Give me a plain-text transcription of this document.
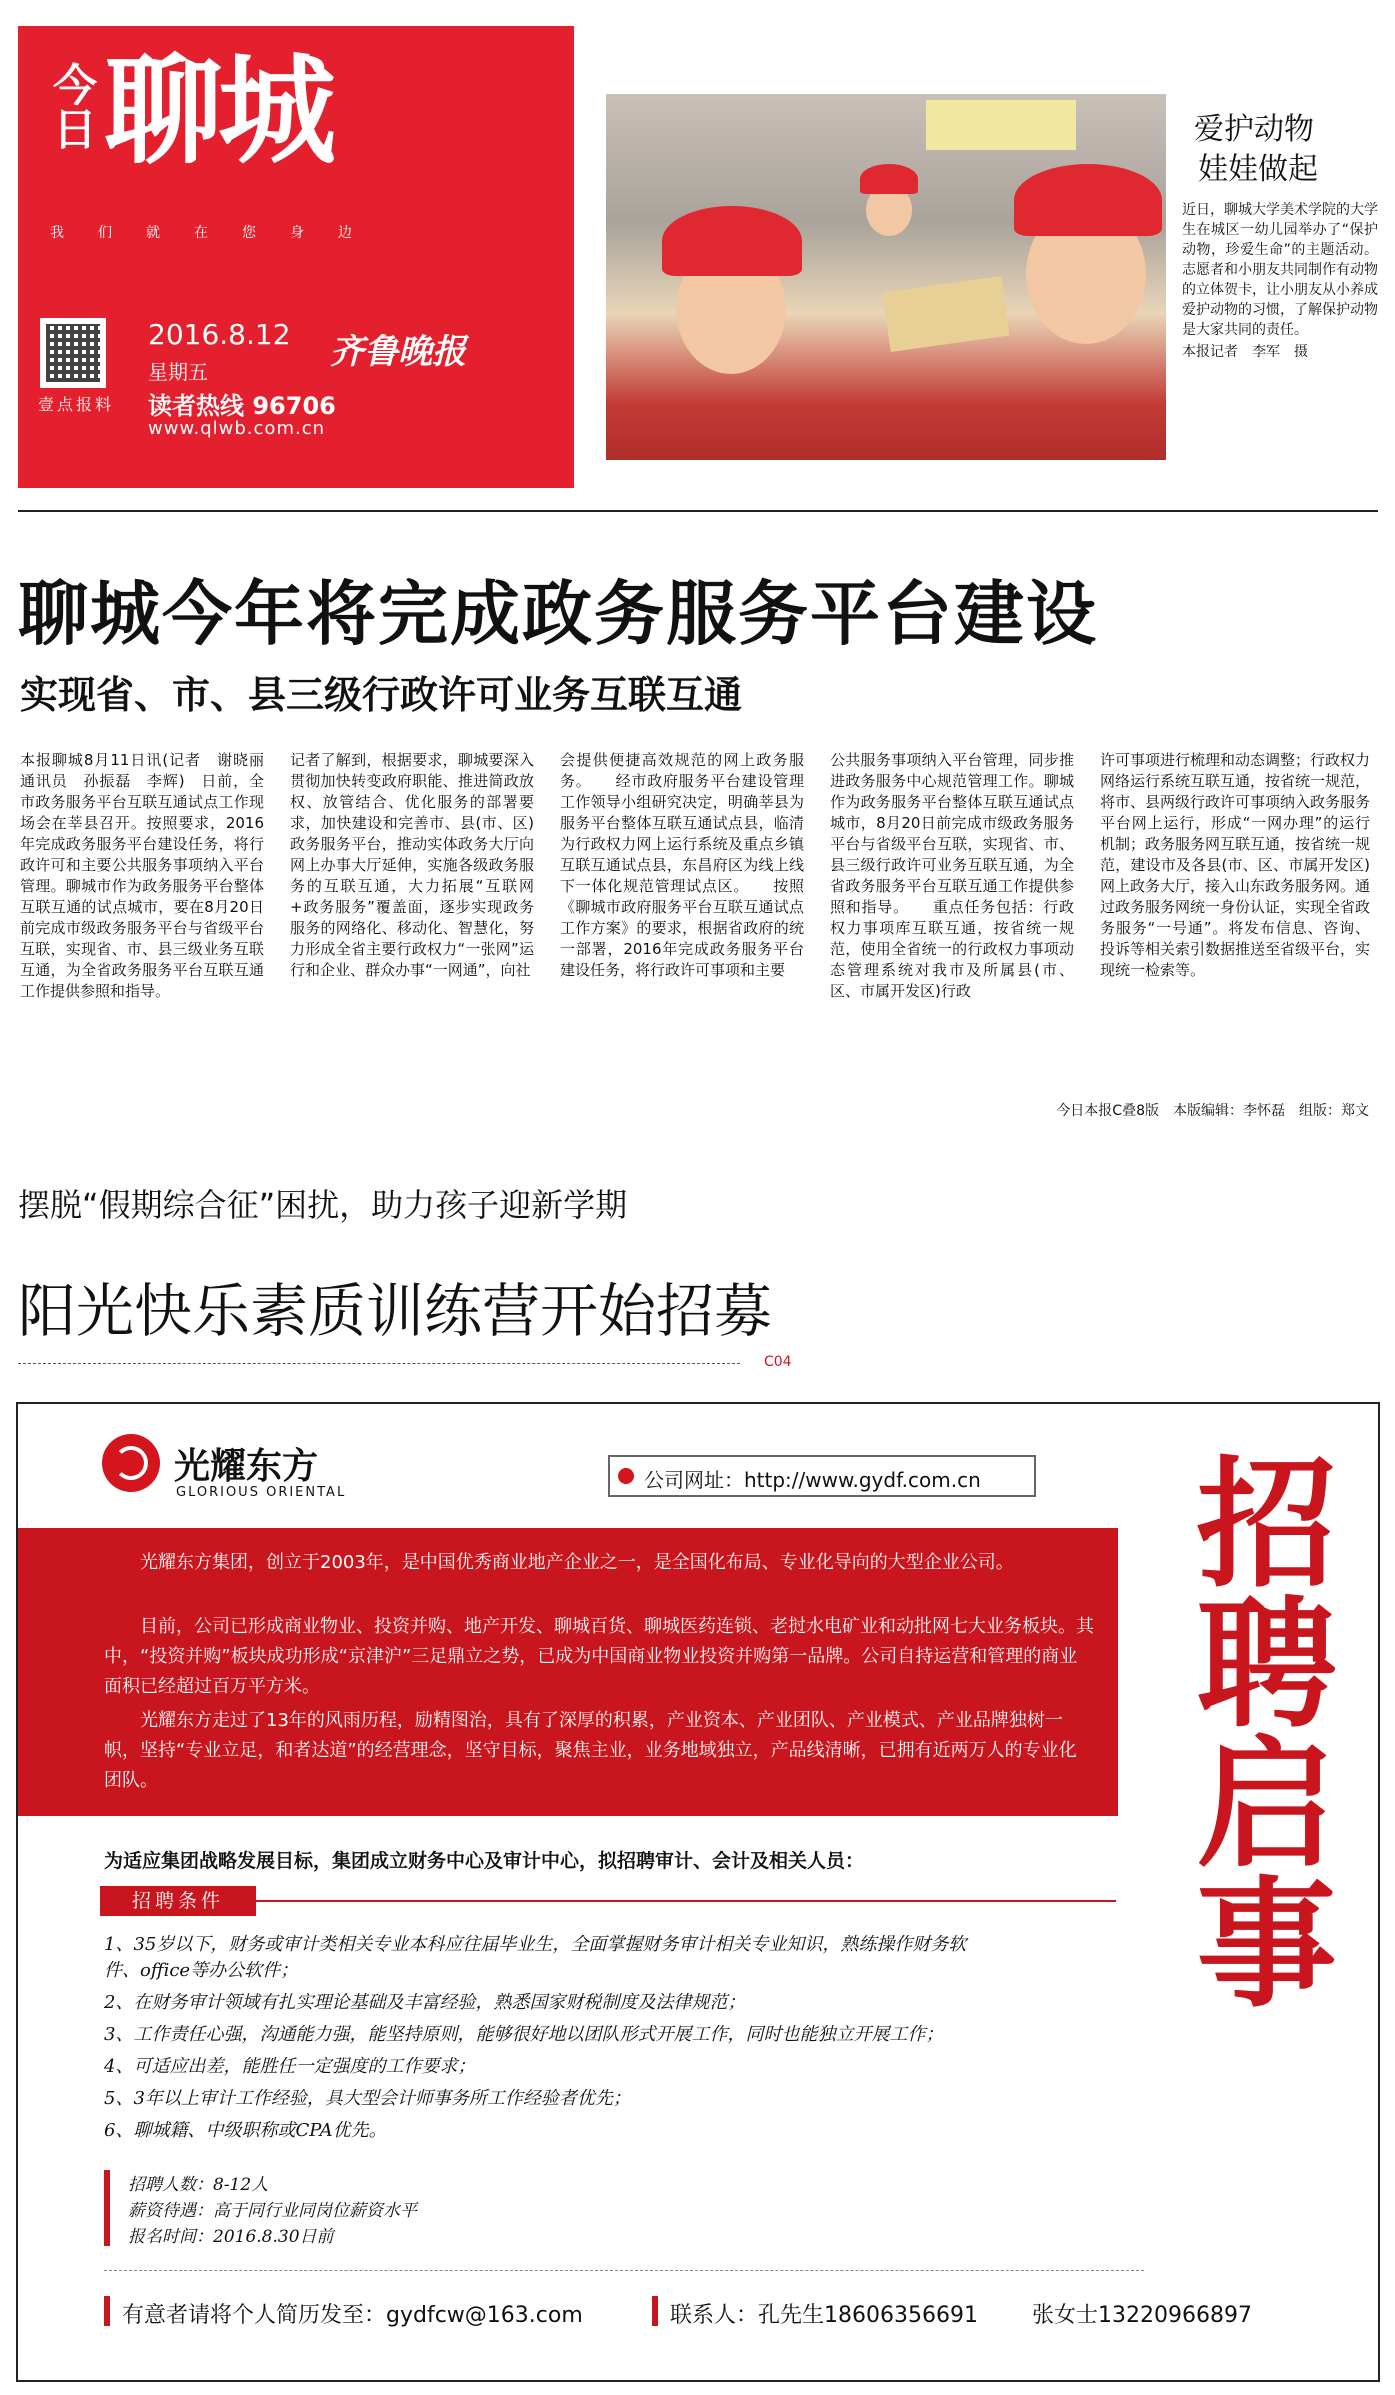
今日 聊城
我们就在您身边
壹点报料
2016.8.12
星期五	齐鲁晚报
读者热线 96706
www.qlwb.com.cn
爱护动物
娃娃做起
近日，聊城大学美术学院的大学生在城区一幼儿园举办了“保护动物，珍爱生命”的主题活动。志愿者和小朋友共同制作有动物的立体贺卡，让小朋友从小养成爱护动物的习惯，了解保护动物是大家共同的责任。
本报记者　李军　摄
聊城今年将完成政务服务平台建设
实现省、市、县三级行政许可业务互联互通
本报聊城8月11日讯(记者　谢晓丽　通讯员　孙振磊　李辉)　日前，全市政务服务平台互联互通试点工作现场会在莘县召开。按照要求，2016年完成政务服务平台建设任务，将行政许可和主要公共服务事项纳入平台管理。聊城市作为政务服务平台整体互联互通的试点城市，要在8月20日前完成市级政务服务平台与省级平台互联，实现省、市、县三级业务互联互通，为全省政务服务平台互联互通工作提供参照和指导。
记者了解到，根据要求，聊城要深入贯彻加快转变政府职能、推进简政放权、放管结合、优化服务的部署要求，加快建设和完善市、县(市、区)政务服务平台，推动实体政务大厅向网上办事大厅延伸，实施各级政务服务的互联互通，大力拓展“互联网+政务服务”覆盖面，逐步实现政务服务的网络化、移动化、智慧化，努力形成全省主要行政权力“一张网”运行和企业、群众办事“一网通”，向社
会提供便捷高效规范的网上政务服务。　　经市政府服务平台建设管理工作领导小组研究决定，明确莘县为服务平台整体互联互通试点县，临清为行政权力网上运行系统及重点乡镇互联互通试点县，东昌府区为线上线下一体化规范管理试点区。　　按照《聊城市政府服务平台互联互通试点工作方案》的要求，根据省政府的统一部署，2016年完成政务服务平台建设任务，将行政许可事项和主要
公共服务事项纳入平台管理，同步推进政务服务中心规范管理工作。聊城作为政务服务平台整体互联互通试点城市，8月20日前完成市级政务服务平台与省级平台互联，实现省、市、县三级行政许可业务互联互通，为全省政务服务平台互联互通工作提供参照和指导。　　重点任务包括：行政权力事项库互联互通，按省统一规范，使用全省统一的行政权力事项动态管理系统对我市及所属县(市、区、市属开发区)行政
许可事项进行梳理和动态调整；行政权力网络运行系统互联互通，按省统一规范，将市、县两级行政许可事项纳入政务服务平台网上运行，形成“一网办理”的运行机制；政务服务网互联互通，按省统一规范，建设市及各县(市、区、市属开发区)网上政务大厅，接入山东政务服务网。通过政务服务网统一身份认证，实现全省政务服务“一号通”。将发布信息、咨询、投诉等相关索引数据推送至省级平台，实现统一检索等。
今日本报C叠8版　本版编辑：李怀磊　组版：郑文
摆脱“假期综合征”困扰，助力孩子迎新学期
阳光快乐素质训练营开始招募
C04
光耀东方
GLORIOUS ORIENTAL
公司网址：http://www.gydf.com.cn
光耀东方集团，创立于2003年，是中国优秀商业地产企业之一，是全国化布局、专业化导向的大型企业公司。
目前，公司已形成商业物业、投资并购、地产开发、聊城百货、聊城医药连锁、老挝水电矿业和动批网七大业务板块。其中，“投资并购”板块成功形成“京津沪”三足鼎立之势，已成为中国商业物业投资并购第一品牌。公司自持运营和管理的商业面积已经超过百万平方米。
光耀东方走过了13年的风雨历程，励精图治，具有了深厚的积累，产业资本、产业团队、产业模式、产业品牌独树一帜，坚持“专业立足，和者达道”的经营理念，坚守目标，聚焦主业，业务地域独立，产品线清晰，已拥有近两万人的专业化团队。	招聘启事
为适应集团战略发展目标，集团成立财务中心及审计中心，拟招聘审计、会计及相关人员：
招聘条件
1、35岁以下，财务或审计类相关专业本科应往届毕业生，全面掌握财务审计相关专业知识，熟练操作财务软件、office等办公软件；
2、在财务审计领域有扎实理论基础及丰富经验，熟悉国家财税制度及法律规范；
3、工作责任心强，沟通能力强，能坚持原则，能够很好地以团队形式开展工作，同时也能独立开展工作；
4、可适应出差，能胜任一定强度的工作要求；
5、3年以上审计工作经验，具大型会计师事务所工作经验者优先；
6、聊城籍、中级职称或CPA优先。
招聘人数：8-12人
薪资待遇：高于同行业同岗位薪资水平
报名时间：2016.8.30日前
有意者请将个人简历发至：gydfcw@163.com	联系人：孔先生18606356691 张女士13220966897
